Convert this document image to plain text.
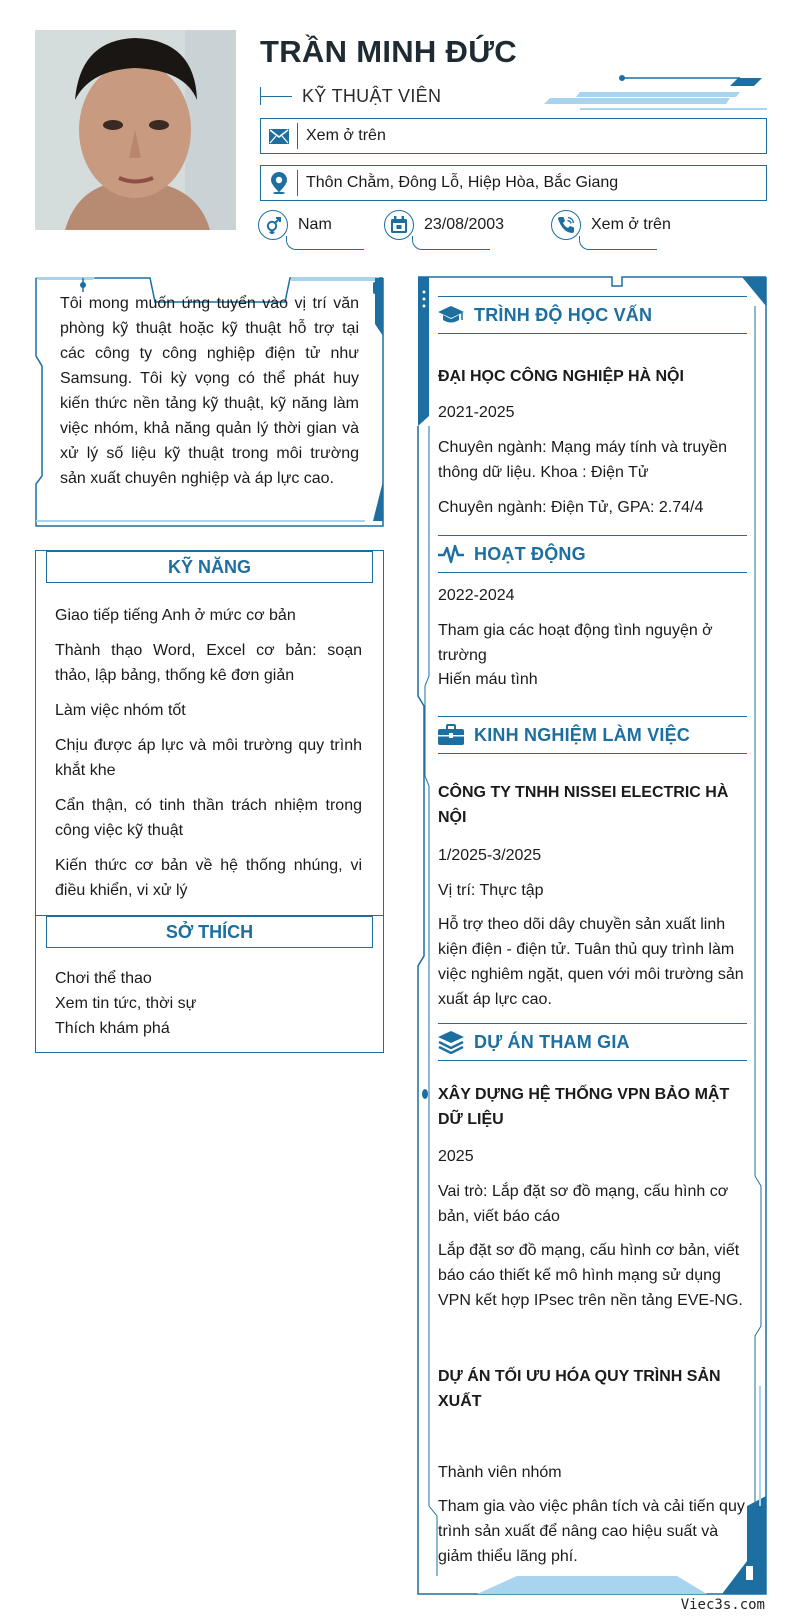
TRẦN MINH ĐỨC
KỸ THUẬT VIÊN
Xem ở trên
Thôn Chằm, Đông Lỗ, Hiệp Hòa, Bắc Giang
Nam	23/08/2003	Xem ở trên

Tôi mong muốn ứng tuyển vào vị trí văn phòng kỹ thuật hoặc kỹ thuật hỗ trợ tại các công ty công nghiệp điện tử như Samsung. Tôi kỳ vọng có thể phát huy kiến thức nền tảng kỹ thuật, kỹ năng làm việc nhóm, khả năng quản lý thời gian và xử lý số liệu kỹ thuật trong môi trường sản xuất chuyên nghiệp và áp lực cao.

KỸ NĂNG

Giao tiếp tiếng Anh ở mức cơ bản

Thành thạo Word, Excel cơ bản: soạn thảo, lập bảng, thống kê đơn giản

Làm việc nhóm tốt

Chịu được áp lực và môi trường quy trình khắt khe

Cẩn thận, có tinh thần trách nhiệm trong công việc kỹ thuật

Kiến thức cơ bản về hệ thống nhúng, vi điều khiển, vi xử lý

SỞ THÍCH

Chơi thể thao

Xem tin tức, thời sự

Thích khám phá

TRÌNH ĐỘ HỌC VẤN
ĐẠI HỌC CÔNG NGHIỆP HÀ NỘI
2021-2025
Chuyên ngành: Mạng máy tính và truyền thông dữ liệu. Khoa : Điện Tử
Chuyên ngành: Điện Tử, GPA: 2.74/4
HOẠT ĐỘNG
2022-2024
Tham gia các hoạt động tình nguyện ở trường
Hiến máu tình
KINH NGHIỆM LÀM VIỆC
CÔNG TY TNHH NISSEI ELECTRIC HÀ NỘI
1/2025-3/2025
Vị trí: Thực tập
Hỗ trợ theo dõi dây chuyền sản xuất linh kiện điện - điện tử. Tuân thủ quy trình làm việc nghiêm ngặt, quen với môi trường sản xuất áp lực cao.
DỰ ÁN THAM GIA
XÂY DỰNG HỆ THỐNG VPN BẢO MẬT DỮ LIỆU
2025
Vai trò: Lắp đặt sơ đồ mạng, cấu hình cơ bản, viết báo cáo
Lắp đặt sơ đồ mạng, cấu hình cơ bản, viết báo cáo thiết kế mô hình mạng sử dụng VPN kết hợp IPsec trên nền tảng EVE-NG.
DỰ ÁN TỐI ƯU HÓA QUY TRÌNH SẢN XUẤT
Thành viên nhóm
Tham gia vào việc phân tích và cải tiến quy trình sản xuất để nâng cao hiệu suất và giảm thiểu lãng phí.
Viec3s.com
